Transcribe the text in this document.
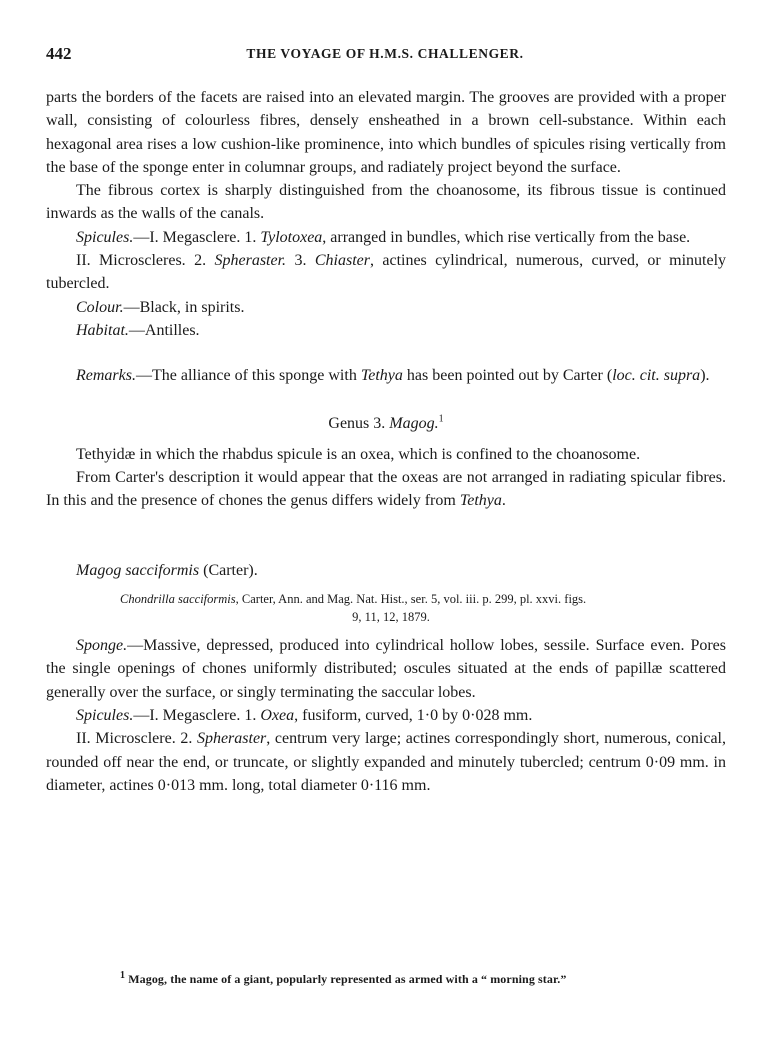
442	THE VOYAGE OF H.M.S. CHALLENGER.

parts the borders of the facets are raised into an elevated margin. The grooves are provided with a proper wall, consisting of colourless fibres, densely ensheathed in a brown cell-substance. Within each hexagonal area rises a low cushion-like prominence, into which bundles of spicules rising vertically from the base of the sponge enter in columnar groups, and radiately project beyond the surface.

The fibrous cortex is sharply distinguished from the choanosome, its fibrous tissue is continued inwards as the walls of the canals.

Spicules.—I. Megasclere. 1. Tylotoxea, arranged in bundles, which rise vertically from the base.

II. Microscleres. 2. Spheraster. 3. Chiaster, actines cylindrical, numerous, curved, or minutely tubercled.

Colour.—Black, in spirits.

Habitat.—Antilles.

Remarks.—The alliance of this sponge with Tethya has been pointed out by Carter (loc. cit. supra).

Genus 3. Magog.$^1$

Tethyidæ in which the rhabdus spicule is an oxea, which is confined to the choanosome.

From Carter's description it would appear that the oxeas are not arranged in radiating spicular fibres. In this and the presence of chones the genus differs widely from Tethya.

Magog sacciformis (Carter).

Chondrilla sacciformis, Carter, Ann. and Mag. Nat. Hist., ser. 5, vol. iii. p. 299, pl. xxvi. figs.
9, 11, 12, 1879.

Sponge.—Massive, depressed, produced into cylindrical hollow lobes, sessile. Surface even. Pores the single openings of chones uniformly distributed; oscules situated at the ends of papillæ scattered generally over the surface, or singly terminating the saccular lobes.

Spicules.—I. Megasclere. 1. Oxea, fusiform, curved, 1·0 by 0·028 mm.

II. Microsclere. 2. Spheraster, centrum very large; actines correspondingly short, numerous, conical, rounded off near the end, or truncate, or slightly expanded and minutely tubercled; centrum 0·09 mm. in diameter, actines 0·013 mm. long, total diameter 0·116 mm.

$^1$ Magog, the name of a giant, popularly represented as armed with a “ morning star.”
